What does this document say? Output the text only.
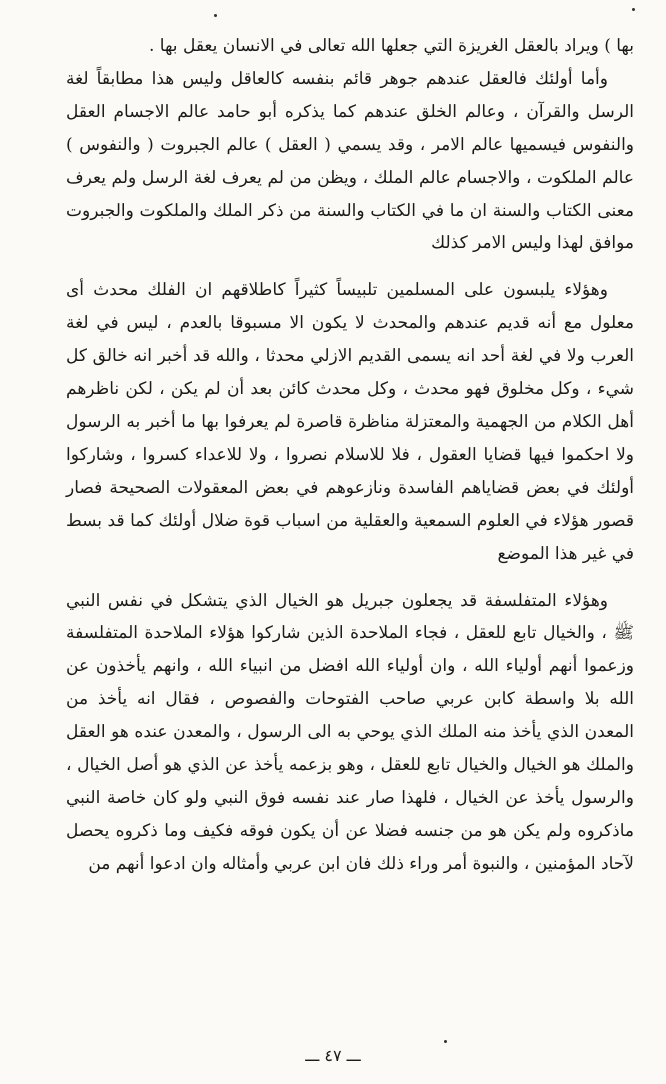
بها ) ويراد بالعقل الغريزة التي جعلها الله تعالى في الانسان يعقل بها .

وأما أولئك فالعقل عندهم جوهر قائم بنفسه كالعاقل وليس هذا مطابقاً لغة الرسل والقرآن ، وعالم الخلق عندهم كما يذكره أبو حامد عالم الاجسام العقل والنفوس فيسميها عالم الامر ، وقد يسمي ( العقل ) عالم الجبروت ( والنفوس ) عالم الملكوت ، والاجسام عالم الملك ، ويظن من لم يعرف لغة الرسل ولم يعرف معنى الكتاب والسنة ان ما في الكتاب والسنة من ذكر الملك والملكوت والجبروت موافق لهذا وليس الامر كذلك

وهؤلاء يلبسون على المسلمين تلبيساً كثيراً كاطلاقهم ان الفلك محدث أى معلول مع أنه قديم عندهم والمحدث لا يكون الا مسبوقا بالعدم ، ليس في لغة العرب ولا في لغة أحد انه يسمى القديم الازلي محدثا ، والله قد أخبر انه خالق كل شيء ، وكل مخلوق فهو محدث ، وكل محدث كائن بعد أن لم يكن ، لكن ناظرهم أهل الكلام من الجهمية والمعتزلة مناظرة قاصرة لم يعرفوا بها ما أخبر به الرسول ولا احكموا فيها قضايا العقول ، فلا للاسلام نصروا ، ولا للاعداء كسروا ، وشاركوا أولئك في بعض قضاياهم الفاسدة ونازعوهم في بعض المعقولات الصحيحة فصار قصور هؤلاء في العلوم السمعية والعقلية من اسباب قوة ضلال أولئك كما قد بسط في غير هذا الموضع

وهؤلاء المتفلسفة قد يجعلون جبريل هو الخيال الذي يتشكل في نفس النبي ﷺ ، والخيال تابع للعقل ، فجاء الملاحدة الذين شاركوا هؤلاء الملاحدة المتفلسفة وزعموا أنهم أولياء الله ، وان أولياء الله افضل من انبياء الله ، وانهم يأخذون عن الله بلا واسطة كابن عربي صاحب الفتوحات والفصوص ، فقال انه يأخذ من المعدن الذي يأخذ منه الملك الذي يوحي به الى الرسول ، والمعدن عنده هو العقل والملك هو الخيال والخيال تابع للعقل ، وهو بزعمه يأخذ عن الذي هو أصل الخيال ، والرسول يأخذ عن الخيال ، فلهذا صار عند نفسه فوق النبي ولو كان خاصة النبي ماذكروه ولم يكن هو من جنسه فضلا عن أن يكون فوقه فكيف وما ذكروه يحصل لآحاد المؤمنين ، والنبوة أمر وراء ذلك فان ابن عربي وأمثاله وان ادعوا أنهم من

ـــ ٤٧ ـــ
